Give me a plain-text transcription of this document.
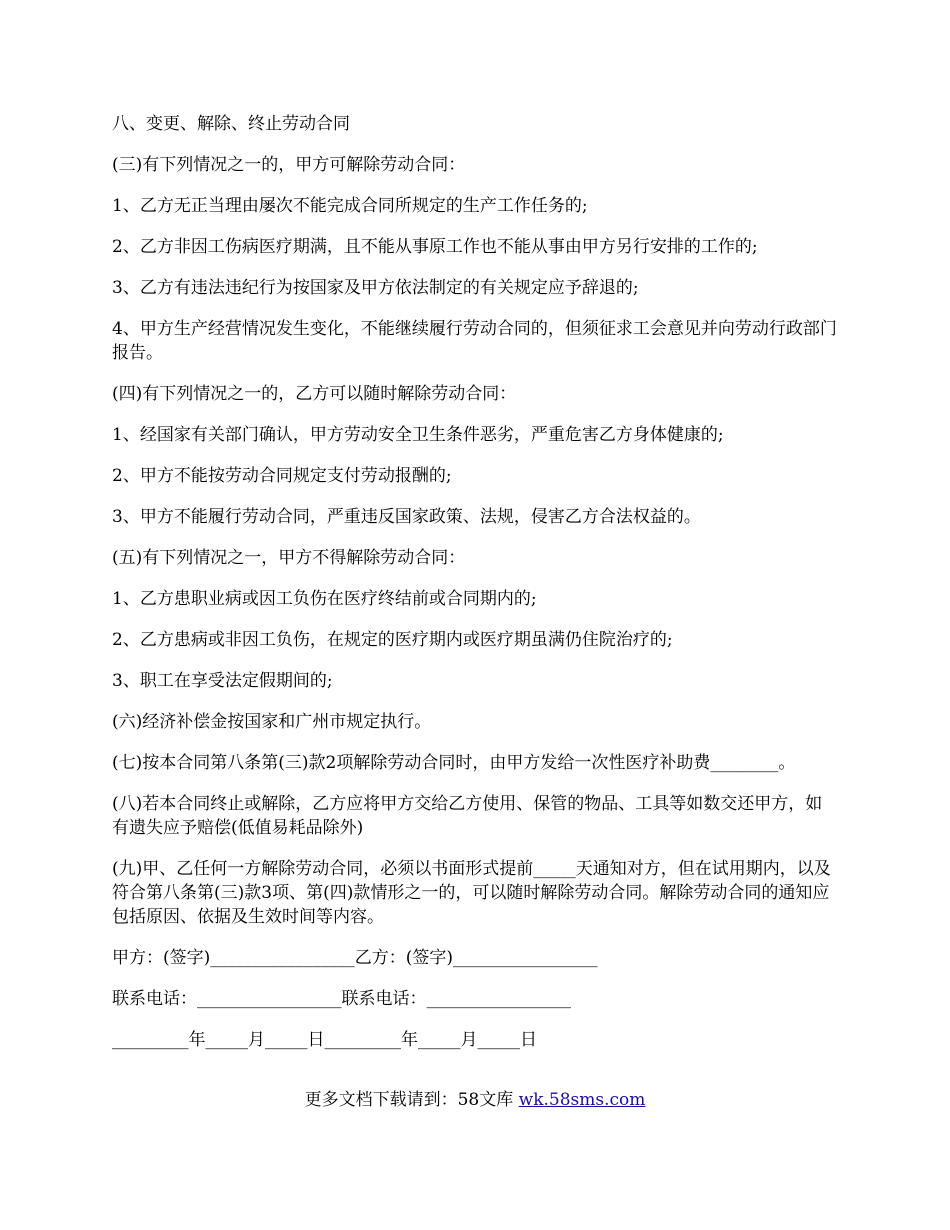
八、变更、解除、终止劳动合同

(三)有下列情况之一的，甲方可解除劳动合同：

1、乙方无正当理由屡次不能完成合同所规定的生产工作任务的;

2、乙方非因工伤病医疗期满，且不能从事原工作也不能从事由甲方另行安排的工作的;

3、乙方有违法违纪行为按国家及甲方依法制定的有关规定应予辞退的;

4、甲方生产经营情况发生变化，不能继续履行劳动合同的，但须征求工会意见并向劳动行政部门报告。

(四)有下列情况之一的，乙方可以随时解除劳动合同：

1、经国家有关部门确认，甲方劳动安全卫生条件恶劣，严重危害乙方身体健康的;

2、甲方不能按劳动合同规定支付劳动报酬的;

3、甲方不能履行劳动合同，严重违反国家政策、法规，侵害乙方合法权益的。

(五)有下列情况之一，甲方不得解除劳动合同：

1、乙方患职业病或因工负伤在医疗终结前或合同期内的;

2、乙方患病或非因工负伤，在规定的医疗期内或医疗期虽满仍住院治疗的;

3、职工在享受法定假期间的;

(六)经济补偿金按国家和广州市规定执行。

(七)按本合同第八条第(三)款2项解除劳动合同时，由甲方发给一次性医疗补助费________。

(八)若本合同终止或解除，乙方应将甲方交给乙方使用、保管的物品、工具等如数交还甲方，如有遗失应予赔偿(低值易耗品除外)

(九)甲、乙任何一方解除劳动合同，必须以书面形式提前_____天通知对方，但在试用期内，以及符合第八条第(三)款3项、第(四)款情形之一的，可以随时解除劳动合同。解除劳动合同的通知应包括原因、依据及生效时间等内容。

甲方：(签字)_________________乙方：(签字)_________________

联系电话：_________________联系电话：_________________

_________年_____月_____日_________年_____月_____日

更多文档下载请到：58文库 wk.58sms.com
